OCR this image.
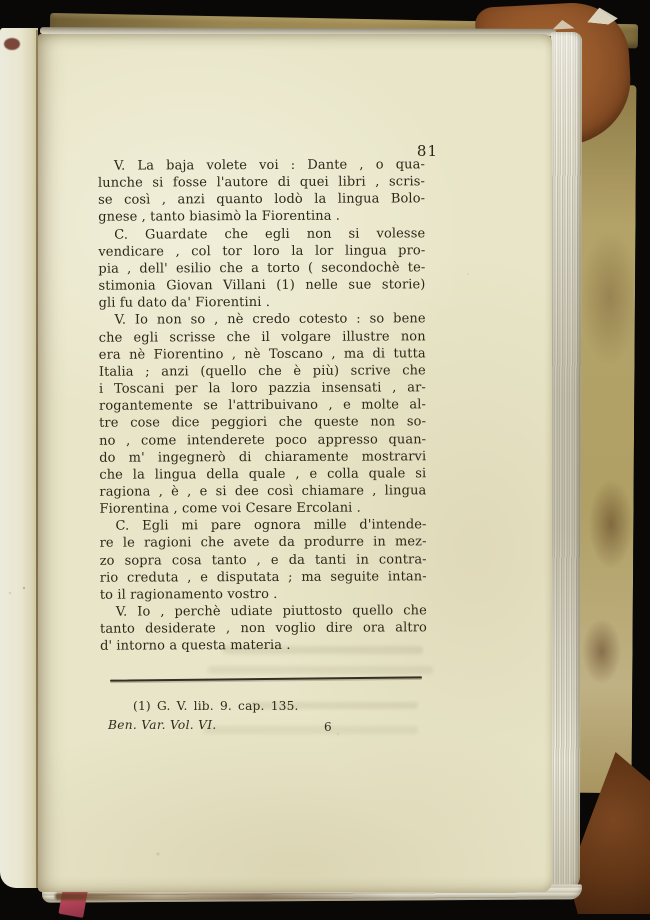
81
V. La baja volete voi : Dante , o qua-
lunche si fosse l'autore di quei libri , scris-
se così , anzi quanto lodò la lingua Bolo-
gnese , tanto biasimò la Fiorentina .
C. Guardate che egli non si volesse
vendicare , col tor loro la lor lingua pro-
pia , dell' esilio che a torto ( secondochè te-
stimonia Giovan Villani (1) nelle sue storie)
gli fu dato da' Fiorentini .
V. Io non so , nè credo cotesto : so bene
che egli scrisse che il volgare illustre non
era nè Fiorentino , nè Toscano , ma di tutta
Italia ; anzi (quello che è più) scrive che
i Toscani per la loro pazzia insensati , ar-
rogantemente se l'attribuivano , e molte al-
tre cose dice peggiori che queste non so-
no , come intenderete poco appresso quan-
do m' ingegnerò di chiaramente mostrarvi
che la lingua della quale , e colla quale si
ragiona , è , e si dee così chiamare , lingua
Fiorentina , come voi Cesare Ercolani .
C. Egli mi pare ognora mille d'intende-
re le ragioni che avete da produrre in mez-
zo sopra cosa tanto , e da tanti in contra-
rio creduta , e disputata ; ma seguite intan-
to il ragionamento vostro .
V. Io , perchè udiate piuttosto quello che
tanto desiderate , non voglio dire ora altro
d' intorno a questa materia .
(1) G. V. lib. 9. cap. 135.
Ben. Var. Vol. VI.	6
